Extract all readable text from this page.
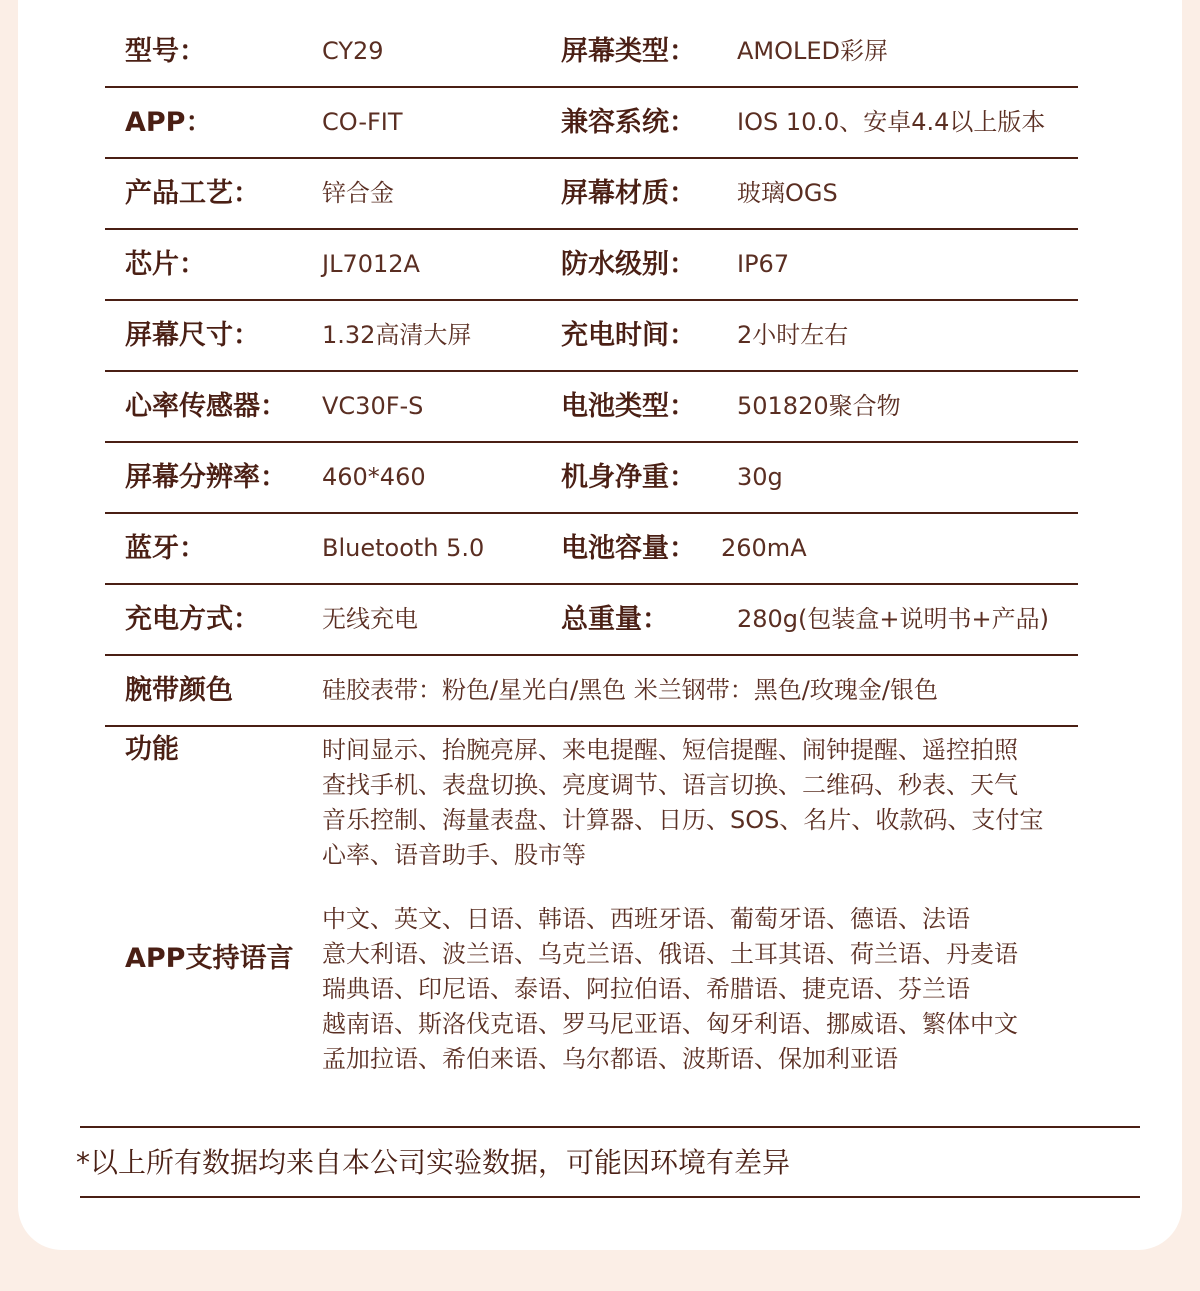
型号：	CY29	屏幕类型： AMOLED彩屏
APP：	CO-FIT	兼容系统： IOS 10.0、安卓4.4以上版本
产品工艺：	锌合金	屏幕材质： 玻璃OGS
芯片：	JL7012A	防水级别： IP67
屏幕尺寸：	1.32高清大屏	充电时间： 2小时左右
心率传感器： VC30F-S	电池类型： 501820聚合物
屏幕分辨率： 460*460	机身净重： 30g
蓝牙：	Bluetooth 5.0	电池容量： 260mA
充电方式：	无线充电	总重量：	280g(包装盒+说明书+产品)
腕带颜色	硅胶表带：粉色/星光白/黑色 米兰钢带：黑色/玫瑰金/银色
功能	时间显示、抬腕亮屏、来电提醒、短信提醒、闹钟提醒、遥控拍照
查找手机、表盘切换、亮度调节、语言切换、二维码、秒表、天气
音乐控制、海量表盘、计算器、日历、SOS、名片、收款码、支付宝
心率、语音助手、股市等
APP支持语言
中文、英文、日语、韩语、西班牙语、葡萄牙语、德语、法语
意大利语、波兰语、乌克兰语、俄语、土耳其语、荷兰语、丹麦语
瑞典语、印尼语、泰语、阿拉伯语、希腊语、捷克语、芬兰语
越南语、斯洛伐克语、罗马尼亚语、匈牙利语、挪威语、繁体中文
孟加拉语、希伯来语、乌尔都语、波斯语、保加利亚语
*以上所有数据均来自本公司实验数据，可能因环境有差异
